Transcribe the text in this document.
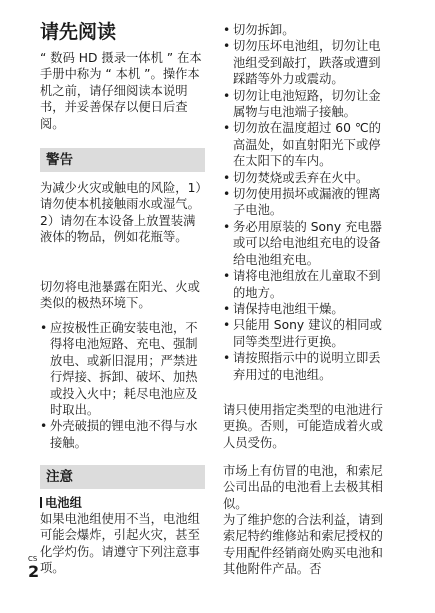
请先阅读

“ 数码 HD 摄录一体机 ” 在本手册中称为 “ 本机 ”。操作本机之前，请仔细阅读本说明书，并妥善保存以便日后查阅。

警告

为减少火灾或触电的风险，1）请勿使本机接触雨水或湿气。2）请勿在本设备上放置装满液体的物品，例如花瓶等。

切勿将电池暴露在阳光、火或类似的极热环境下。

• 应按极性正确安装电池，不得将电池短路、充电、强制放电、或新旧混用；严禁进行焊接、拆卸、破坏、加热或投入火中；耗尽电池应及时取出。
• 外壳破损的锂电池不得与水接触。
注意
电池组

如果电池组使用不当，电池组可能会爆炸，引起火灾，甚至化学灼伤。请遵守下列注意事项。

• 切勿拆卸。
• 切勿压坏电池组，切勿让电池组受到敲打，跌落或遭到踩踏等外力或震动。
• 切勿让电池短路，切勿让金属物与电池端子接触。
• 切勿放在温度超过 60 ℃的高温处，如直射阳光下或停在太阳下的车内。
• 切勿焚烧或丢弃在火中。
• 切勿使用损坏或漏液的锂离子电池。
• 务必用原装的 Sony 充电器或可以给电池组充电的设备给电池组充电。
• 请将电池组放在儿童取不到的地方。
• 请保持电池组干燥。
• 只能用 Sony 建议的相同或同等类型进行更换。
• 请按照指示中的说明立即丢弃用过的电池组。

请只使用指定类型的电池进行更换。否则，可能造成着火或人员受伤。

市场上有仿冒的电池，和索尼公司出品的电池看上去极其相似。

为了维护您的合法利益，请到索尼特约维修站和索尼授权的专用配件经销商处购买电池和其他附件产品。否

CS
2
